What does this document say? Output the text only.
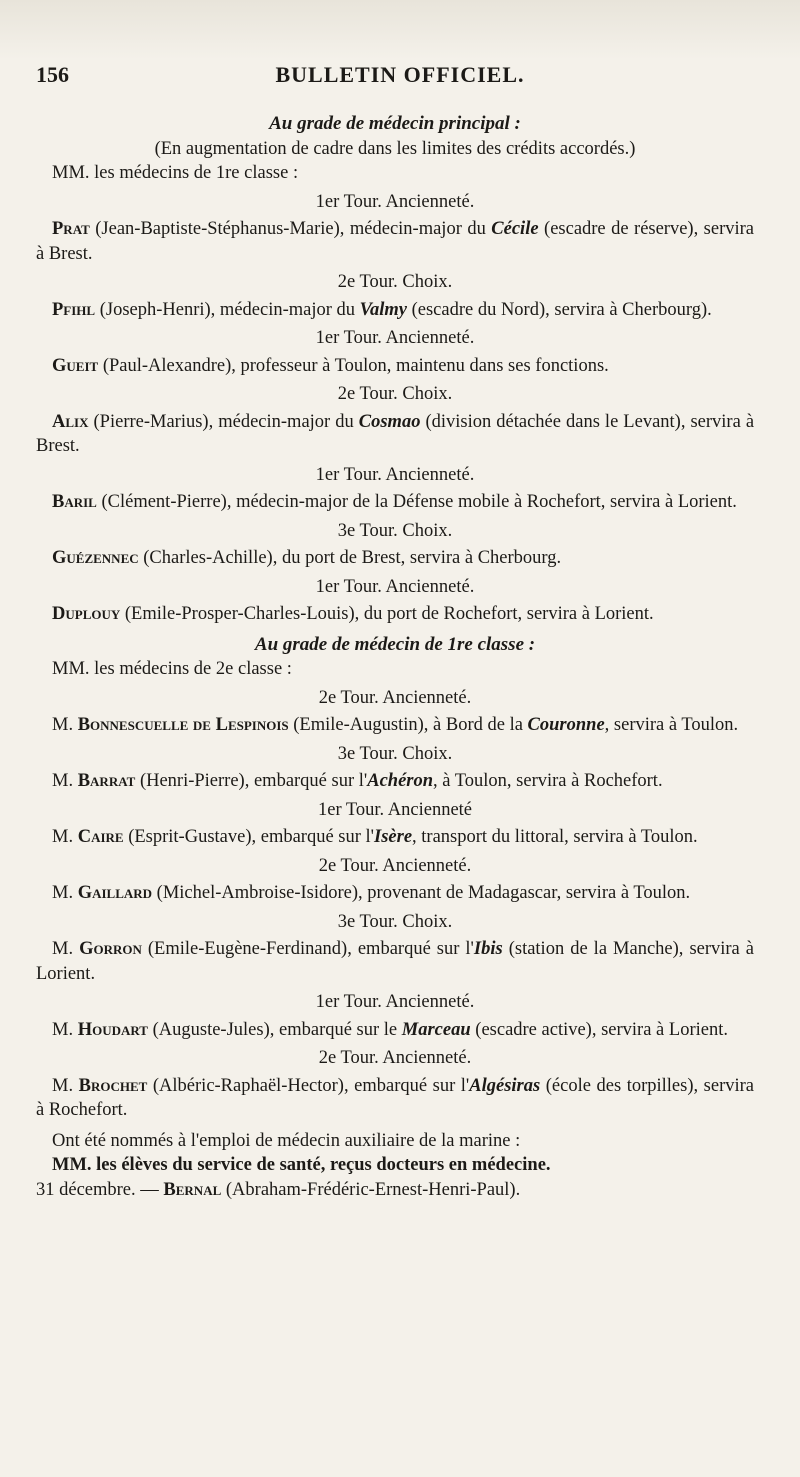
156	BULLETIN OFFICIEL.

Au grade de médecin principal :

(En augmentation de cadre dans les limites des crédits accordés.)

MM. les médecins de 1re classe :

1er Tour. Ancienneté.

Prat (Jean-Baptiste-Stéphanus-Marie), médecin-major du Cécile (escadre de réserve), servira à Brest.

2e Tour. Choix.

Pfihl (Joseph-Henri), médecin-major du Valmy (escadre du Nord), servira à Cherbourg).

1er Tour. Ancienneté.

Gueit (Paul-Alexandre), professeur à Toulon, maintenu dans ses fonctions.

2e Tour. Choix.

Alix (Pierre-Marius), médecin-major du Cosmao (division détachée dans le Levant), servira à Brest.

1er Tour. Ancienneté.

Baril (Clément-Pierre), médecin-major de la Défense mobile à Rochefort, servira à Lorient.

3e Tour. Choix.

Guézennec (Charles-Achille), du port de Brest, servira à Cherbourg.

1er Tour. Ancienneté.

Duplouy (Emile-Prosper-Charles-Louis), du port de Rochefort, servira à Lorient.

Au grade de médecin de 1re classe :

MM. les médecins de 2e classe :

2e Tour. Ancienneté.

M. Bonnescuelle de Lespinois (Emile-Augustin), à Bord de la Couronne, servira à Toulon.

3e Tour. Choix.

M. Barrat (Henri-Pierre), embarqué sur l'Achéron, à Toulon, servira à Rochefort.

1er Tour. Ancienneté

M. Caire (Esprit-Gustave), embarqué sur l'Isère, transport du littoral, servira à Toulon.

2e Tour. Ancienneté.

M. Gaillard (Michel-Ambroise-Isidore), provenant de Madagascar, servira à Toulon.

3e Tour. Choix.

M. Gorron (Emile-Eugène-Ferdinand), embarqué sur l'Ibis (station de la Manche), servira à Lorient.

1er Tour. Ancienneté.

M. Houdart (Auguste-Jules), embarqué sur le Marceau (escadre active), servira à Lorient.

2e Tour. Ancienneté.

M. Brochet (Albéric-Raphaël-Hector), embarqué sur l'Algésiras (école des torpilles), servira à Rochefort.

Ont été nommés à l'emploi de médecin auxiliaire de la marine :

MM. les élèves du service de santé, reçus docteurs en médecine.

31 décembre. — Bernal (Abraham-Frédéric-Ernest-Henri-Paul).
